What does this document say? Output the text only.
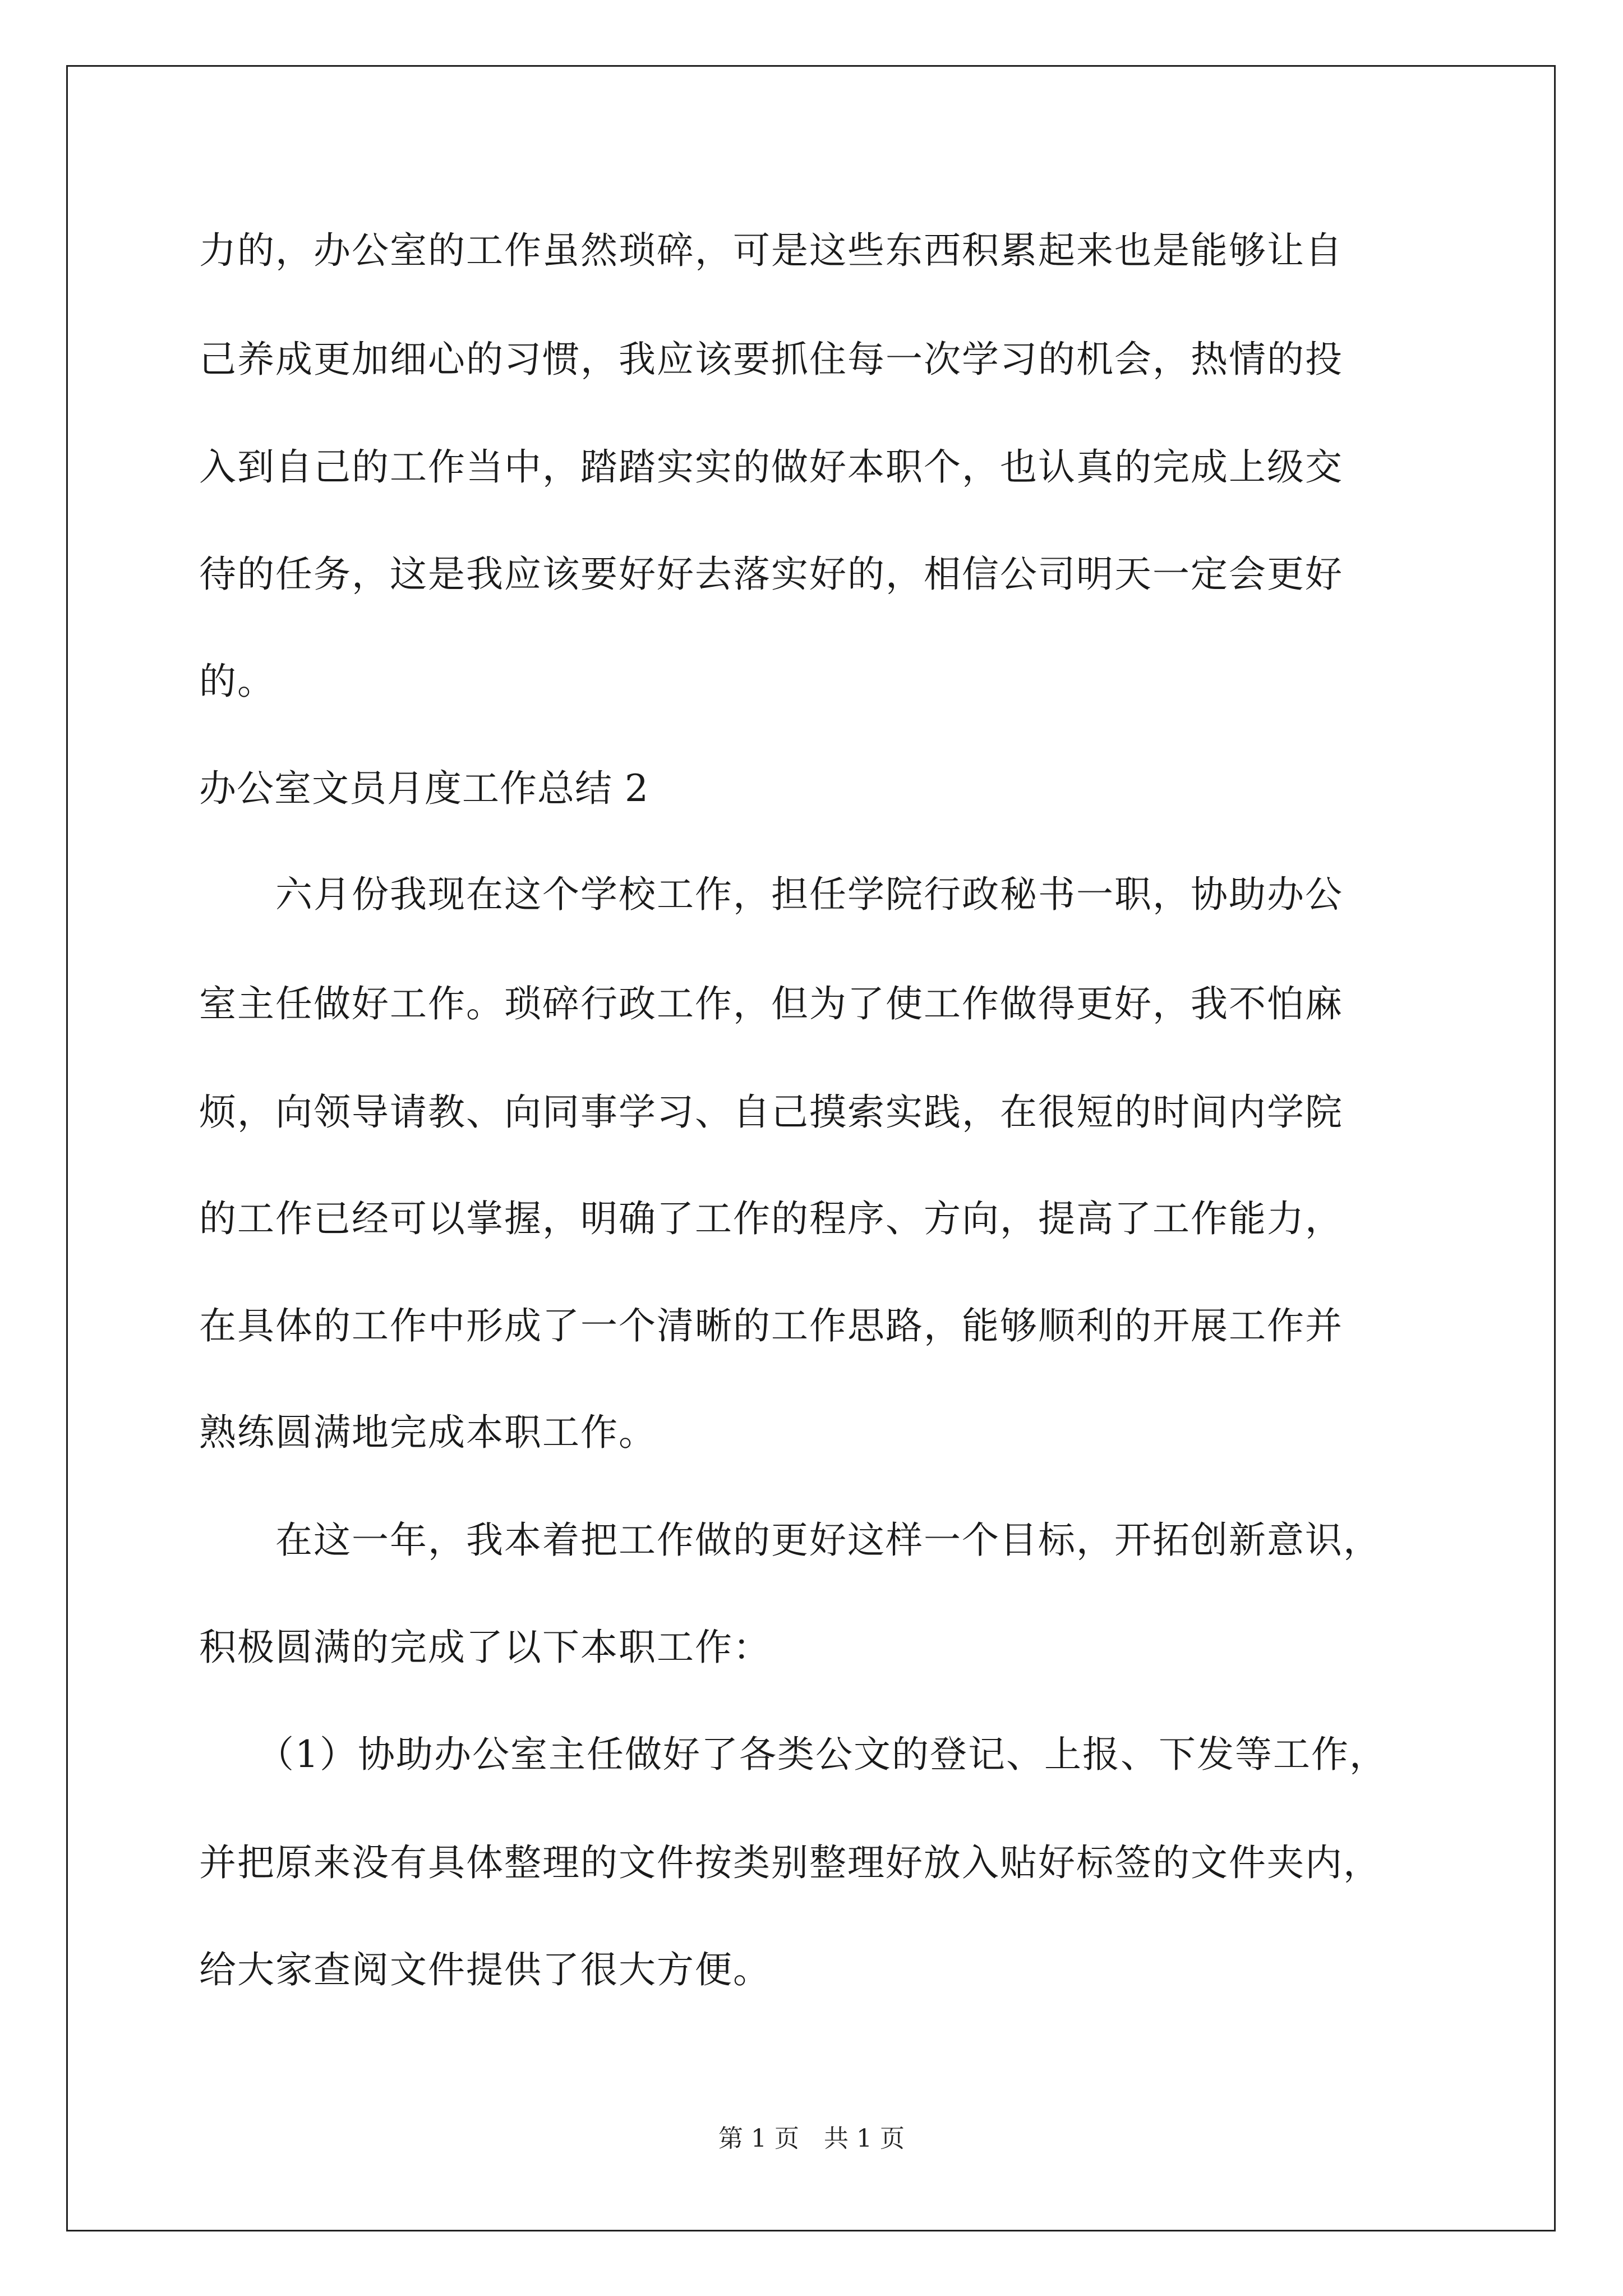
力的，办公室的工作虽然琐碎，可是这些东西积累起来也是能够让自
己养成更加细心的习惯，我应该要抓住每一次学习的机会，热情的投
入到自己的工作当中，踏踏实实的做好本职个，也认真的完成上级交
待的任务，这是我应该要好好去落实好的，相信公司明天一定会更好
的。
办公室文员月度工作总结 2
　　六月份我现在这个学校工作，担任学院行政秘书一职，协助办公
室主任做好工作。琐碎行政工作，但为了使工作做得更好，我不怕麻
烦，向领导请教、向同事学习、自己摸索实践，在很短的时间内学院
的工作已经可以掌握，明确了工作的程序、方向，提高了工作能力，
在具体的工作中形成了一个清晰的工作思路，能够顺利的开展工作并
熟练圆满地完成本职工作。
　　在这一年，我本着把工作做的更好这样一个目标，开拓创新意识，
积极圆满的完成了以下本职工作：
　　（1）协助办公室主任做好了各类公文的登记、上报、下发等工作，
并把原来没有具体整理的文件按类别整理好放入贴好标签的文件夹内，
给大家查阅文件提供了很大方便。
第 1 页　共 1 页
